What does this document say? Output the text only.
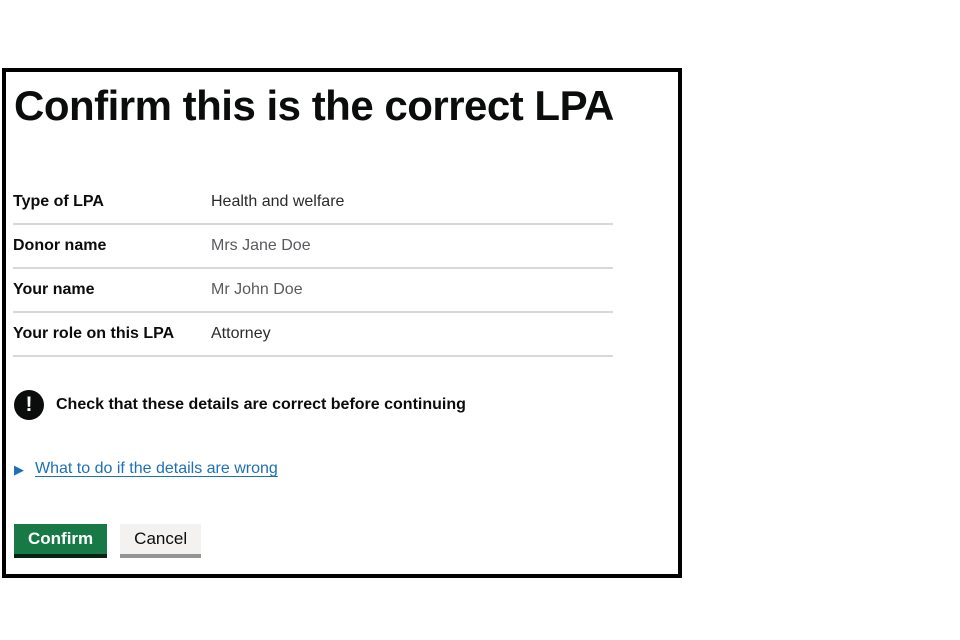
Confirm this is the correct LPA
Type of LPA	Health and welfare
Donor name	Mrs Jane Doe
Your name	Mr John Doe
Your role on this LPA	Attorney
!	Check that these details are correct before continuing
▶ What to do if the details are wrong
Confirm	Cancel
